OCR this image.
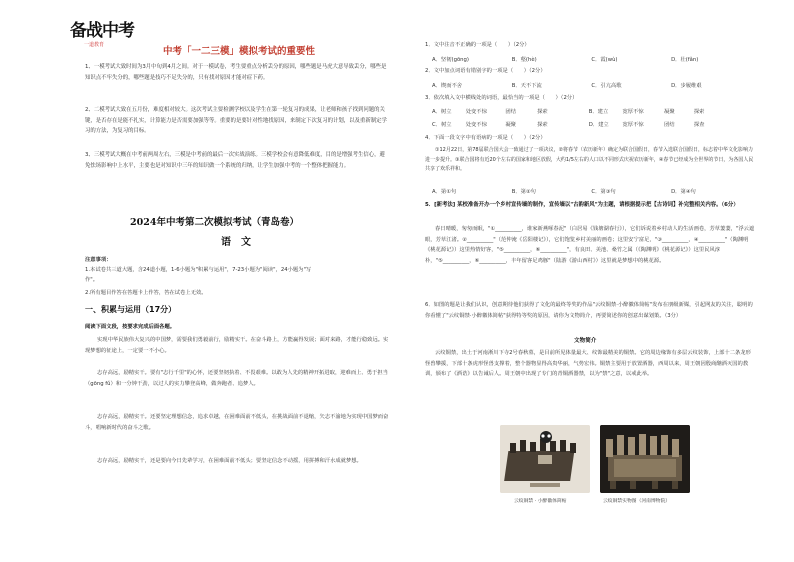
备战中考
一道教育
中考「一二三模」模拟考试的重要性
1、一模考试大致时间为3月中旬到4月之间。对于一模试卷，考生要重点分析丢分的原因，哪些题是马虎大意导致丢分，哪些是知识点不牢失分的，哪些题是技巧不足失分的，只有找对原因才能对症下药。
2、二模考试大致在五月份，难度相对较大。这次考试主要检测学校以及学生在第一轮复习的成果，让老师和孩子找到问题的关键，是否存在是能不扎实，计算能力是否需要加强等等。重要的是要针对性地找原因，来制定下次复习的计划，以及重新制定学习的方法，为复习的目标。
3、三模考试大概在中考前两周左右，三模是中考前的最后一次实战演练。三模学校会有意降低难度，目的是增强考生信心，避免怯场影响中上水平，主要也是对知识中三年的知识做一个系统的归纳，让学生加强中考的一个整体把握能力。
2024年中考第二次模拟考试（青岛卷）
语　文
注意事项：
1.本试卷共三道大题，含24道小题，1-6小题为"积累与运用"，7-23小题为"阅读"，24小题为"写
作"。
2.所有题目作答在答题卡上作答，答在试卷上无效。
一、积累与运用（17分）
阅读下面文段，按要求完成后面各题。
实现中华民族伟大复兴的中国梦，需要我们勇毅前行，励精实干。在奋斗路上，方能赢得发展；面对来路，才能行稳致远。实现梦想的征途上，一定要一不小心。
志存高远，励精实干。要有"志行千里"的心怀，还要坚韧执着、不畏艰难。以敢为人先的精神开拓进取，迎难而上、勇于担当（gōng fǔ）和一分钟干劲，以过人的实力攀登高峰，做奔跑者、追梦人。
志存高远，励精实干。还要坚定理想信念，追求卓越，在困难面前不低头，在挑战面前不退缩，矢志不渝地为实现中国梦而奋斗，唱响新时代的奋斗之歌。
志存高远，励精实干，还是要向今日先辈学习，在困难面前不低头；要坚定信念不动摇，用拼搏和汗水成就梦想。
1．文中注音不正确的一项是（　　）（2分）
A．坚韧(gōng)	B．壑(hè)	C．霞(wù)	D．壮(fǎn)
2．文中加点词语有错别字的一项是（　　）（2分）
A．锲而不舍	B．天不下流	C．引亢高歌	D．步履维艰
3．依次填入文中横线处的词语，最恰当的一项是（　　）（2分）
A．树立	处变不惊	团结	探索	B．建立	宽厚不惊	凝聚	探索
C．树立	处变不惊	凝聚	探索	D．建立	宽厚不惊	团结	探查
4．下面一段文字中有语病的一项是（　　）（2分）
①12月22日，第78届联合国大会一致通过了一项决议，②将春节（农历新年）确定为联合国假日，春节入选联合国假日，标志着中华文化影响力进一步提升。③联合国将有近20个左右的国家和地区放假，大约1/5左右的人口以不同形式庆祝农历新年，④春节已经成为全世界的节日，为各国人民共享了欢乐祥和。
A．第①句	B．第②句	C．第③句	D．第④句
5．[新考法] 某校准备开办一个乡村宣传墙的制作，宣传墙以"古韵新风"为主题，请根据提示把【古诗词】补完整相关内容。（6分）
春日晴暖，匆匆而眠，"①__________，谁家新燕啄春泥"（白居易《钱塘湖春行》），它们诉说着乡村动人的生活画卷，芳草萋萋，"浮云遮眼，芳草江渚。②__________"（范仲淹《岳阳楼记》），它们饱览乡村美丽的画卷；这里安宁富足，"③__________，④__________"（陶渊明《桃花源记》）这里热情好客，"⑤__________，⑥__________"，有良田、美池、桑竹之属（《陶渊明》《桃花源记》）这里民风淳朴，"⑤__________，⑥__________，丰年留客足鸡豚"（陆游《游山西村》）这里就是梦想中的桃花源。
6．如图的题是让我们认识，创意期待他们获得了文化的最终等奖的作品"云纹铜禁·小醉徽体简帖"发布在朋级新媒，引起网友的关注，聪明的你看懂了"云纹铜禁·小醉徽体简帖"获得特等奖的原因，请你为文物简介，再要简述你的创意出谋划策。（3分）
文物简介
云纹铜禁，出土于河南淅川下寺2号春秋墓，是目前所见体量最大、纹饰最精美的铜禁。它的周边缘饰有多层云纹装饰，上部十二条龙形怪兽攀援，下部十条虎形怪兽支撑着，整个器物显得高贵华丽，气势宏伟。铜禁主要用于放置酒器，西周以来，周王朝因殷商酗酒灭国的教训，颁布了《酒诰》以告诫后人。周王朝中出现了专门的青铜酒器禁，以为"禁"之意，以戒此举。
云纹铜禁 · 小醉徽体简帖	云纹铜禁实物图（河南博物院）
